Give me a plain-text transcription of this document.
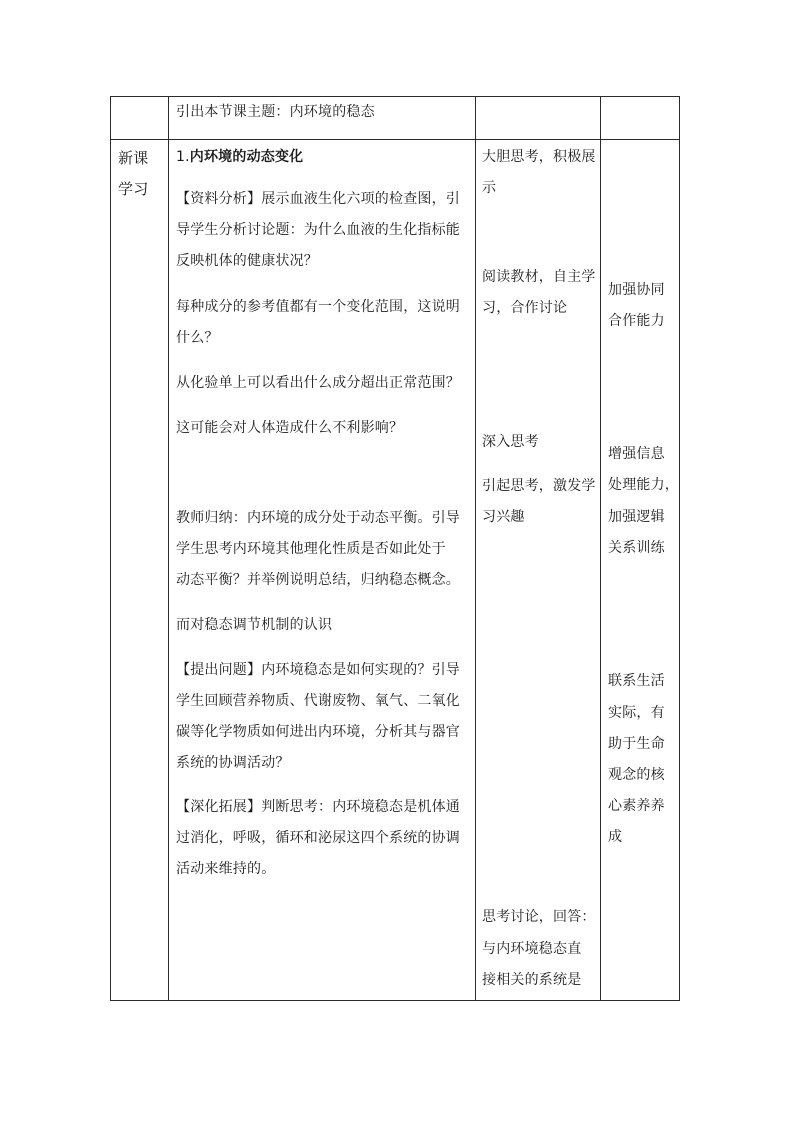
引出本节课主题：内环境的稳态
新课
学习
1.内环境的动态变化
【资料分析】展示血液生化六项的检查图，引
导学生分析讨论题：为什么血液的生化指标能
反映机体的健康状况？
每种成分的参考值都有一个变化范围，这说明
什么？
从化验单上可以看出什么成分超出正常范围？
这可能会对人体造成什么不利影响？
教师归纳：内环境的成分处于动态平衡。引导
学生思考内环境其他理化性质是否如此处于
动态平衡？并举例说明总结，归纳稳态概念。
而对稳态调节机制的认识
【提出问题】内环境稳态是如何实现的？引导
学生回顾营养物质、代谢废物、氧气、二氧化
碳等化学物质如何进出内环境，分析其与器官
系统的协调活动？
【深化拓展】判断思考：内环境稳态是机体通
过消化，呼吸，循环和泌尿这四个系统的协调
活动来维持的。
大胆思考，积极展
示
阅读教材，自主学
习，合作讨论
深入思考
引起思考，激发学
习兴趣
思考讨论，回答：
与内环境稳态直
接相关的系统是
加强协同
合作能力
增强信息
处理能力，
加强逻辑
关系训练
联系生活
实际，有
助于生命
观念的核
心素养养
成
